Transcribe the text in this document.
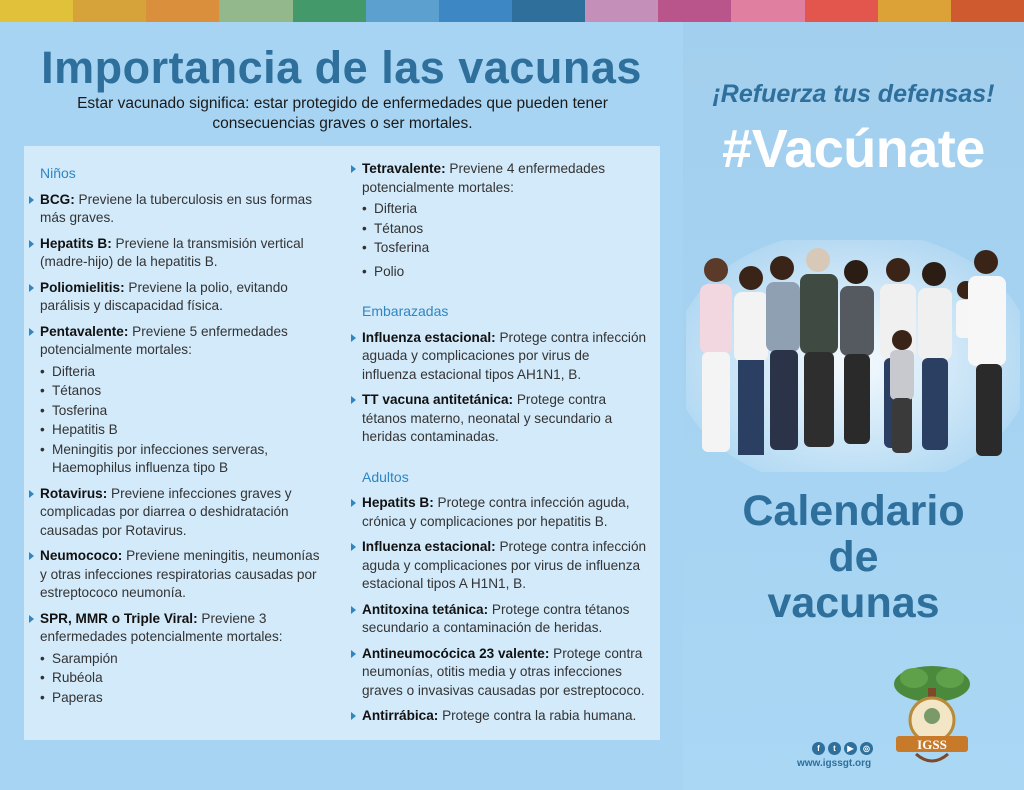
Importancia de las vacunas
Estar vacunado significa: estar protegido de enfermedades que pueden tener consecuencias graves o ser mortales.
Niños
BCG: Previene la tuberculosis en sus formas más graves.
Hepatits B: Previene la transmisión vertical (madre-hijo) de la hepatitis B.
Poliomielitis: Previene la polio, evitando parálisis y discapacidad física.
Pentavalente: Previene 5 enfermedades potencialmente mortales:
• Difteria
• Tétanos
• Tosferina
• Hepatitis B
• Meningitis por infecciones serveras, Haemophilus influenza tipo B
Rotavirus: Previene infecciones graves y complicadas por diarrea o deshidratación causadas por Rotavirus.
Neumococo: Previene meningitis, neumonías y otras infecciones respiratorias causadas por estreptococo neumonía.
SPR, MMR o Triple Viral: Previene 3 enfermedades potencialmente mortales:
• Sarampión
• Rubéola
• Paperas
Tetravalente: Previene 4 enfermedades potencialmente mortales:
• Difteria
• Tétanos
• Tosferina
• Polio
Embarazadas
Influenza estacional: Protege contra infección aguada y complicaciones por virus de influenza estacional tipos AH1N1, B.
TT vacuna antitetánica: Protege contra tétanos materno, neonatal y secundario a heridas contaminadas.
Adultos
Hepatits B: Protege contra infección aguda, crónica y complicaciones por hepatitis B.
Influenza estacional: Protege contra infección aguda y complicaciones por virus de influenza estacional tipos A H1N1, B.
Antitoxina tetánica: Protege contra tétanos secundario a contaminación de heridas.
Antineumocócica 23 valente: Protege contra neumonías, otitis media y otras infecciones graves o invasivas causadas por estreptococo.
Antirrábica: Protege contra la rabia humana.
¡Refuerza tus defensas!
#Vacúnate
Calendario
de
vacunas
IGSS
f	t	▶	◎
www.igssgt.org
